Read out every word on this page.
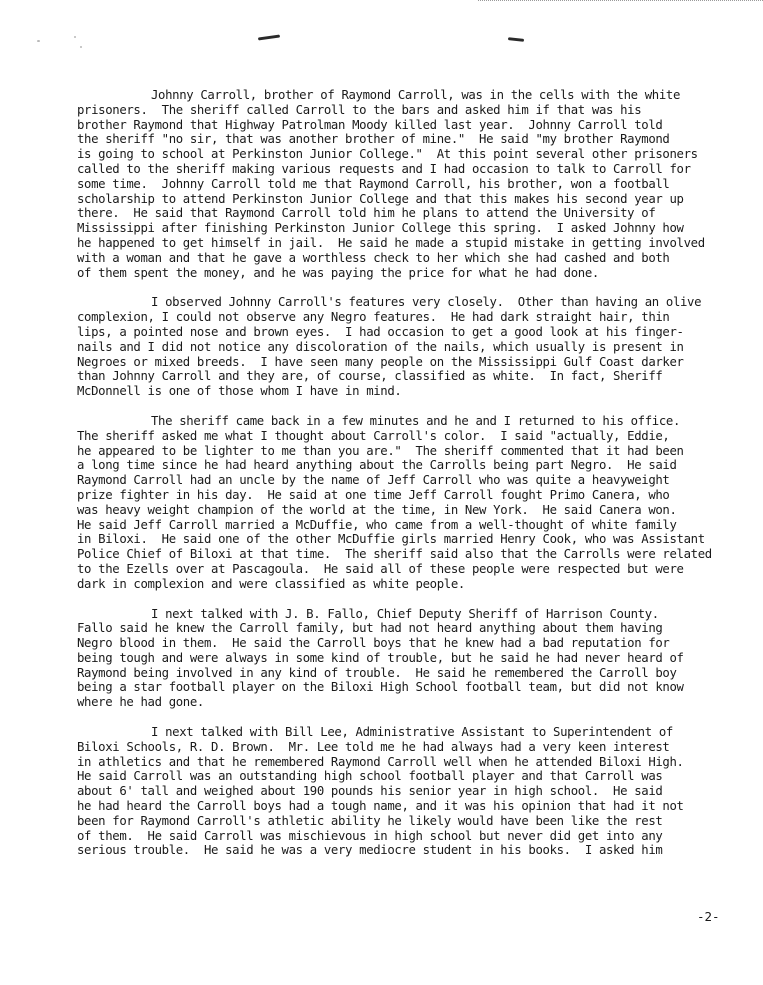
Johnny Carroll, brother of Raymond Carroll, was in the cells with the white
prisoners.  The sheriff called Carroll to the bars and asked him if that was his
brother Raymond that Highway Patrolman Moody killed last year.  Johnny Carroll told
the sheriff "no sir, that was another brother of mine."  He said "my brother Raymond
is going to school at Perkinston Junior College."  At this point several other prisoners
called to the sheriff making various requests and I had occasion to talk to Carroll for
some time.  Johnny Carroll told me that Raymond Carroll, his brother, won a football
scholarship to attend Perkinston Junior College and that this makes his second year up
there.  He said that Raymond Carroll told him he plans to attend the University of
Mississippi after finishing Perkinston Junior College this spring.  I asked Johnny how
he happened to get himself in jail.  He said he made a stupid mistake in getting involved
with a woman and that he gave a worthless check to her which she had cashed and both
of them spent the money, and he was paying the price for what he had done.
I observed Johnny Carroll's features very closely.  Other than having an olive
complexion, I could not observe any Negro features.  He had dark straight hair, thin
lips, a pointed nose and brown eyes.  I had occasion to get a good look at his finger-
nails and I did not notice any discoloration of the nails, which usually is present in
Negroes or mixed breeds.  I have seen many people on the Mississippi Gulf Coast darker
than Johnny Carroll and they are, of course, classified as white.  In fact, Sheriff
McDonnell is one of those whom I have in mind.
The sheriff came back in a few minutes and he and I returned to his office.
The sheriff asked me what I thought about Carroll's color.  I said "actually, Eddie,
he appeared to be lighter to me than you are."  The sheriff commented that it had been
a long time since he had heard anything about the Carrolls being part Negro.  He said
Raymond Carroll had an uncle by the name of Jeff Carroll who was quite a heavyweight
prize fighter in his day.  He said at one time Jeff Carroll fought Primo Canera, who
was heavy weight champion of the world at the time, in New York.  He said Canera won.
He said Jeff Carroll married a McDuffie, who came from a well-thought of white family
in Biloxi.  He said one of the other McDuffie girls married Henry Cook, who was Assistant
Police Chief of Biloxi at that time.  The sheriff said also that the Carrolls were related
to the Ezells over at Pascagoula.  He said all of these people were respected but were
dark in complexion and were classified as white people.
I next talked with J. B. Fallo, Chief Deputy Sheriff of Harrison County.
Fallo said he knew the Carroll family, but had not heard anything about them having
Negro blood in them.  He said the Carroll boys that he knew had a bad reputation for
being tough and were always in some kind of trouble, but he said he had never heard of
Raymond being involved in any kind of trouble.  He said he remembered the Carroll boy
being a star football player on the Biloxi High School football team, but did not know
where he had gone.
I next talked with Bill Lee, Administrative Assistant to Superintendent of
Biloxi Schools, R. D. Brown.  Mr. Lee told me he had always had a very keen interest
in athletics and that he remembered Raymond Carroll well when he attended Biloxi High.
He said Carroll was an outstanding high school football player and that Carroll was
about 6' tall and weighed about 190 pounds his senior year in high school.  He said
he had heard the Carroll boys had a tough name, and it was his opinion that had it not
been for Raymond Carroll's athletic ability he likely would have been like the rest
of them.  He said Carroll was mischievous in high school but never did get into any
serious trouble.  He said he was a very mediocre student in his books.  I asked him
-2-
